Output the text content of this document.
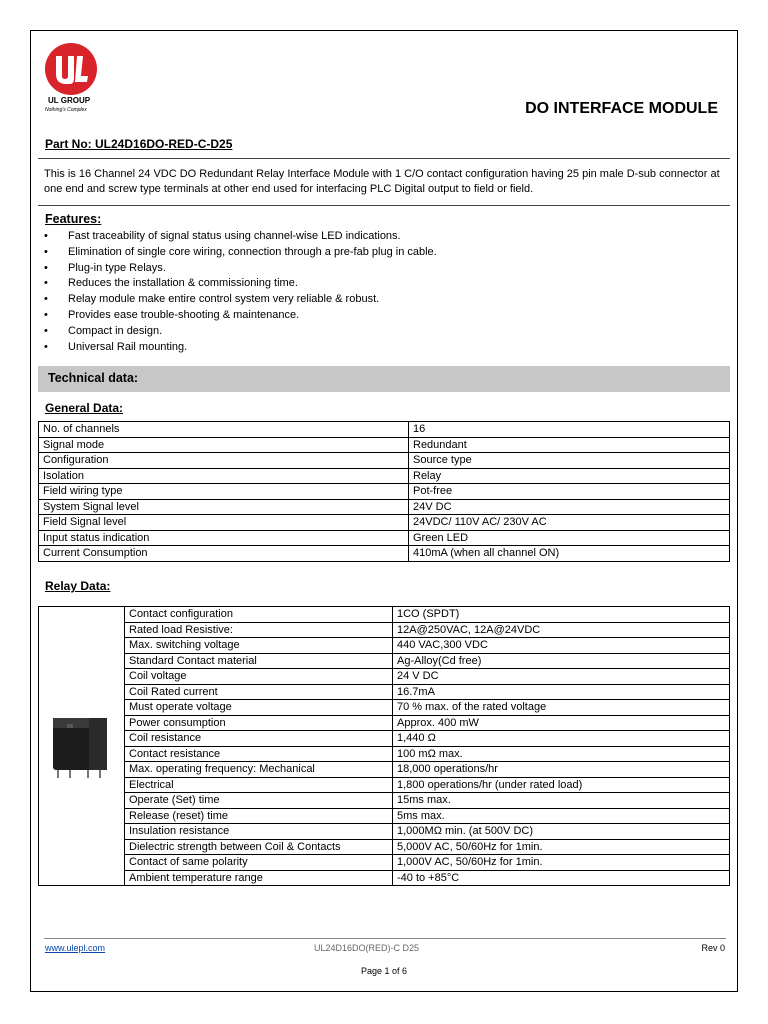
UL GROUP
Nothing's Complex	DO INTERFACE MODULE
Part No: UL24D16DO-RED-C-D25
This is 16 Channel 24 VDC DO Redundant Relay Interface Module with 1 C/O contact configuration having 25 pin male D-sub connector at one end and screw type terminals at other end used for interfacing PLC Digital output to field or field.
Features:
• Fast traceability of signal status using channel-wise LED indications.
• Elimination of single core wiring, connection through a pre-fab plug in cable.
• Plug-in type Relays.
• Reduces the installation & commissioning time.
• Relay module make entire control system very reliable & robust.
• Provides ease trouble-shooting & maintenance.
• Compact in design.
• Universal Rail mounting.
Technical data:
General Data:
No. of channels	16
Signal mode	Redundant
Configuration	Source type
Isolation	Relay
Field wiring type	Pot-free
System Signal level	24V DC
Field Signal level	24VDC/ 110V AC/ 230V AC
Input status indication	Green LED
Current Consumption	410mA (when all channel ON)
Relay Data:
	Contact configuration	1CO (SPDT)
	Rated load Resistive:	12A@250VAC, 12A@24VDC
	Max. switching voltage	440 VAC,300 VDC
	Standard Contact material	Ag-Alloy(Cd free)
	Coil voltage	24 V DC
	Coil Rated current	16.7mA
	Must operate voltage	70 % max. of the rated voltage
	Power consumption	Approx. 400 mW
	Coil resistance	1,440 Ω
	Contact resistance	100 mΩ max.
	Max. operating frequency: Mechanical	18,000 operations/hr
	Electrical	1,800 operations/hr (under rated load)
	Operate (Set) time	15ms max.
	Release (reset) time	5ms max.
	Insulation resistance	1,000MΩ min. (at 500V DC)
	Dielectric strength between Coil & Contacts	5,000V AC, 50/60Hz for 1min.
	Contact of same polarity	1,000V AC, 50/60Hz for 1min.
	Ambient temperature range	-40 to +85°C
www.ulepl.com	UL24D16DO(RED)-C D25	Rev 0
Page 1 of 6
